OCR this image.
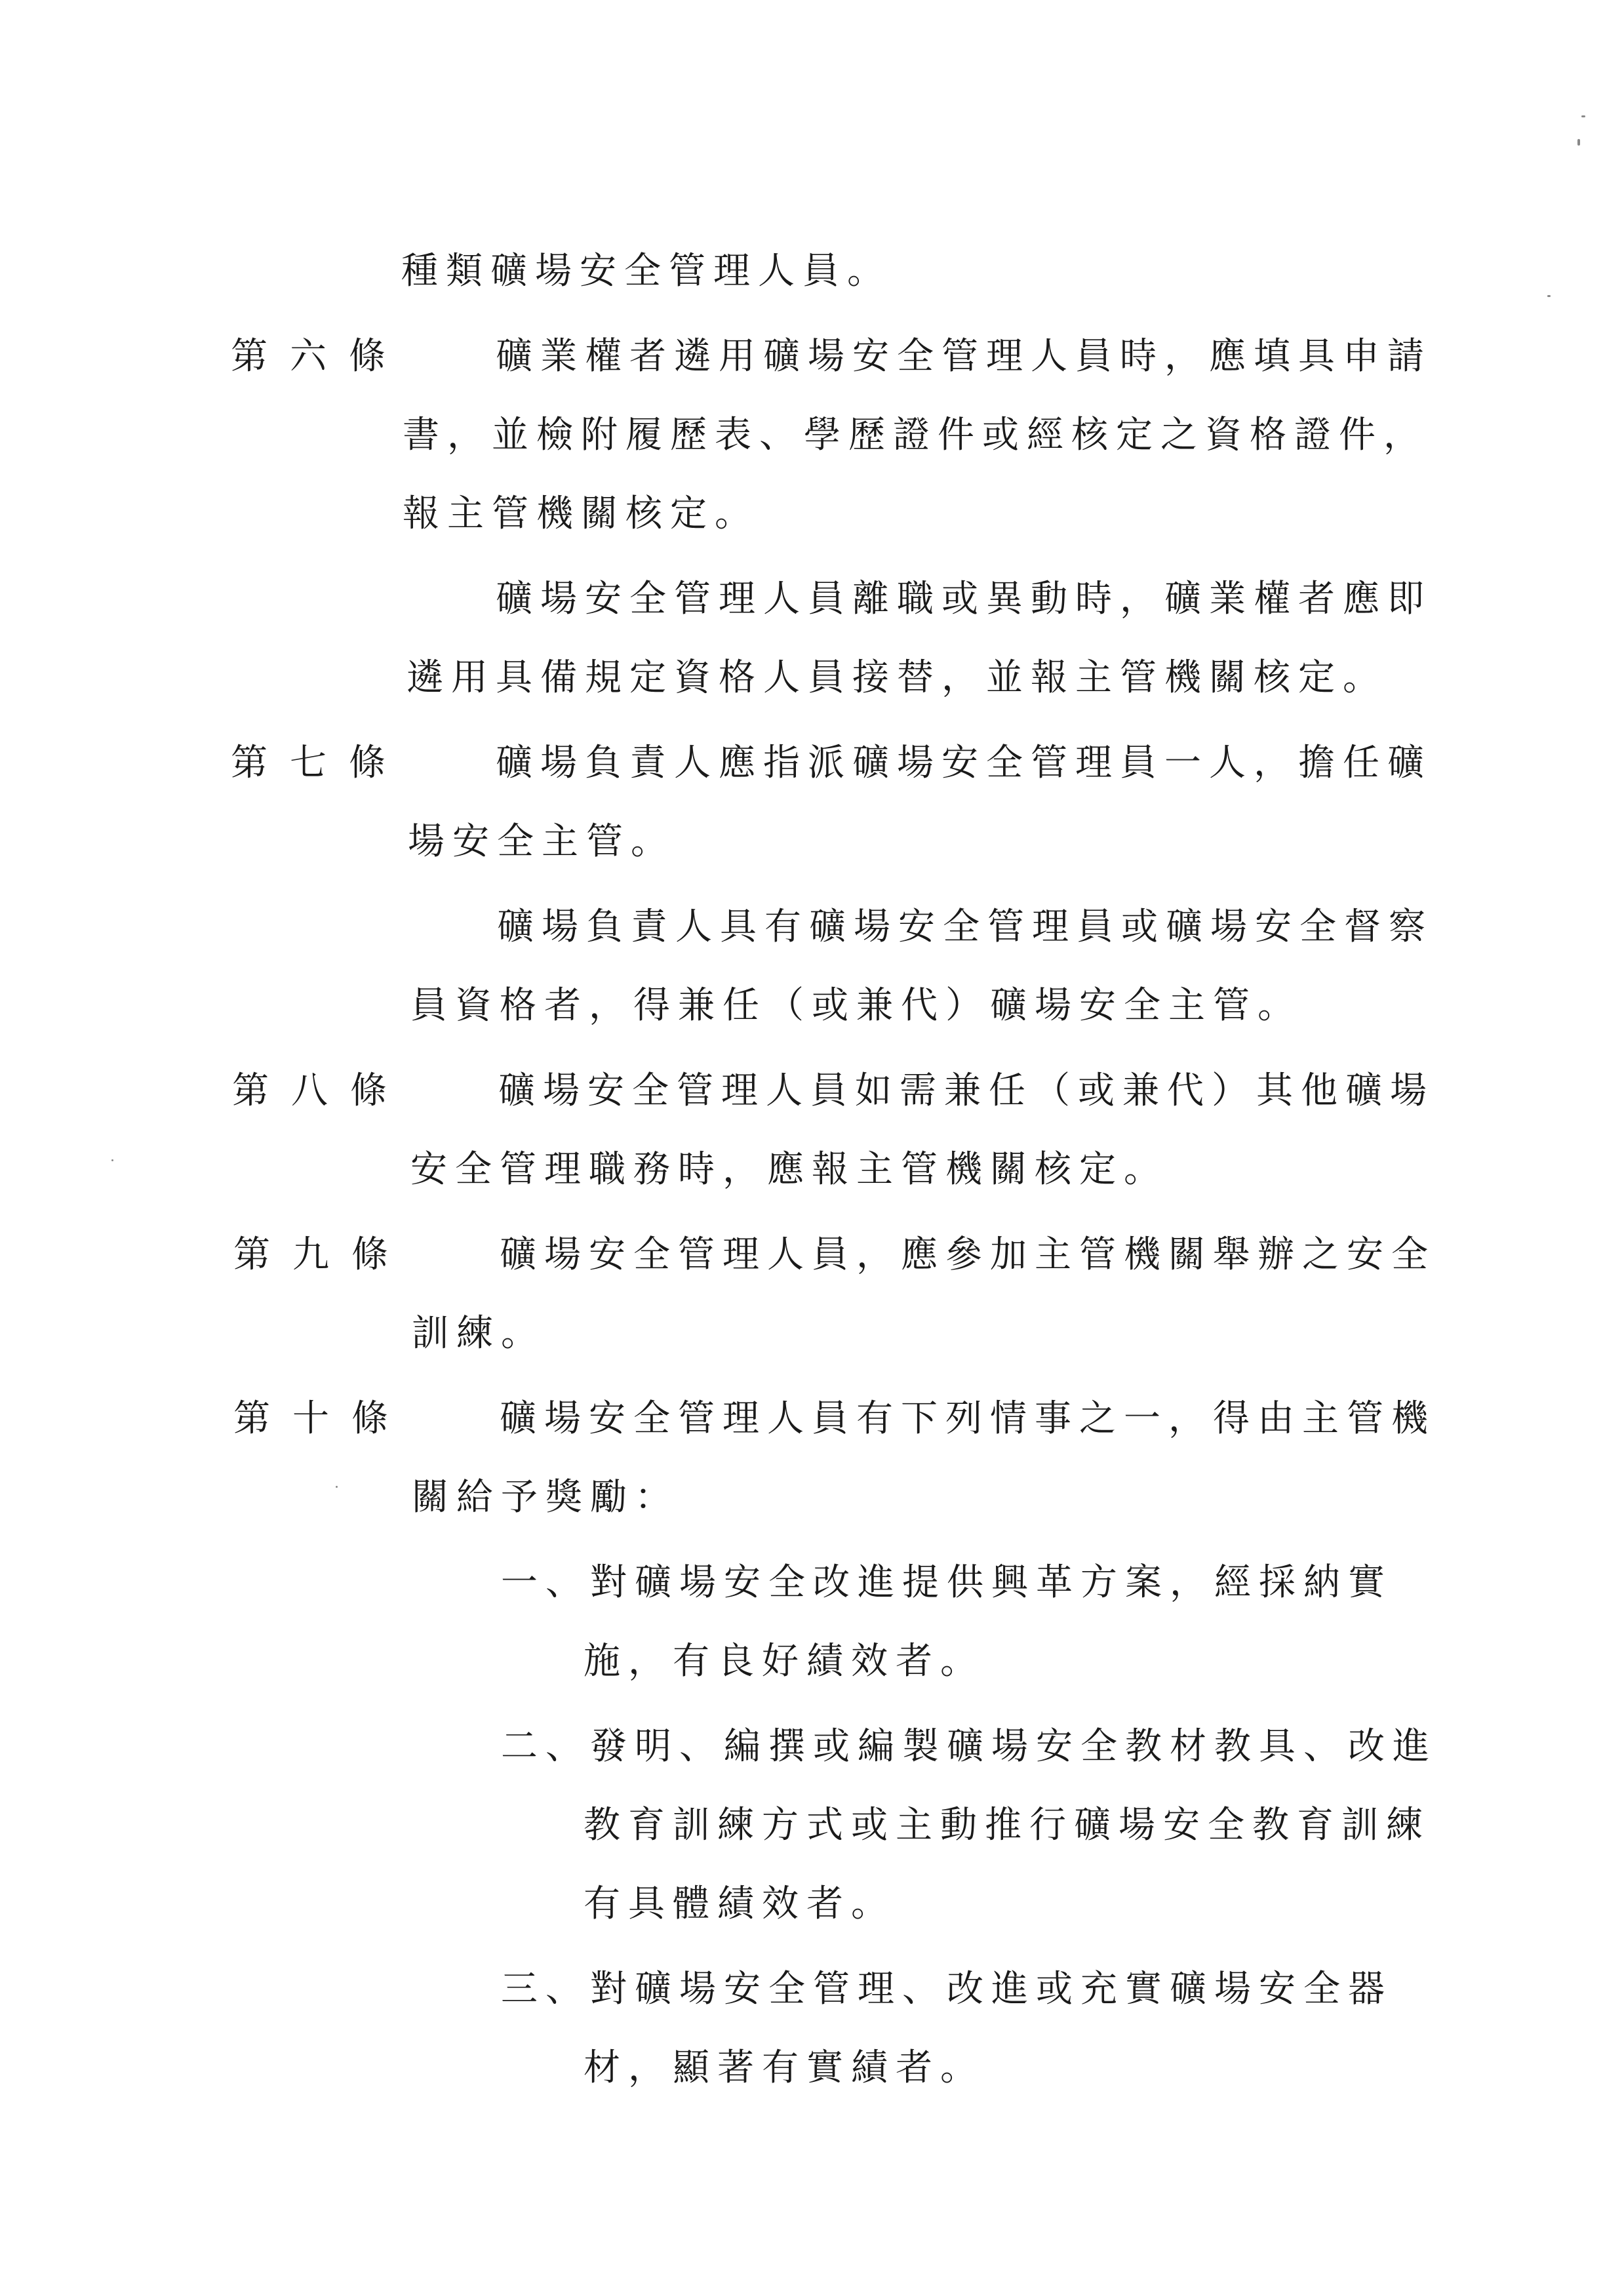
種類礦場安全管理人員。
第六條 礦業權者遴用礦場安全管理人員時，應填具申請
書，並檢附履歷表、學歷證件或經核定之資格證件，
報主管機關核定。
礦場安全管理人員離職或異動時，礦業權者應即
遴用具備規定資格人員接替，並報主管機關核定。
第七條 礦場負責人應指派礦場安全管理員一人，擔任礦
場安全主管。
礦場負責人具有礦場安全管理員或礦場安全督察
員資格者，得兼任（或兼代）礦場安全主管。
第八條 礦場安全管理人員如需兼任（或兼代）其他礦場
安全管理職務時，應報主管機關核定。
第九條 礦場安全管理人員，應參加主管機關舉辦之安全
訓練。
第十條 礦場安全管理人員有下列情事之一，得由主管機
關給予獎勵：
一、對礦場安全改進提供興革方案，經採納實
施，有良好績效者。
二、發明、編撰或編製礦場安全教材教具、改進
教育訓練方式或主動推行礦場安全教育訓練
有具體績效者。
三、對礦場安全管理、改進或充實礦場安全器
材，顯著有實績者。
